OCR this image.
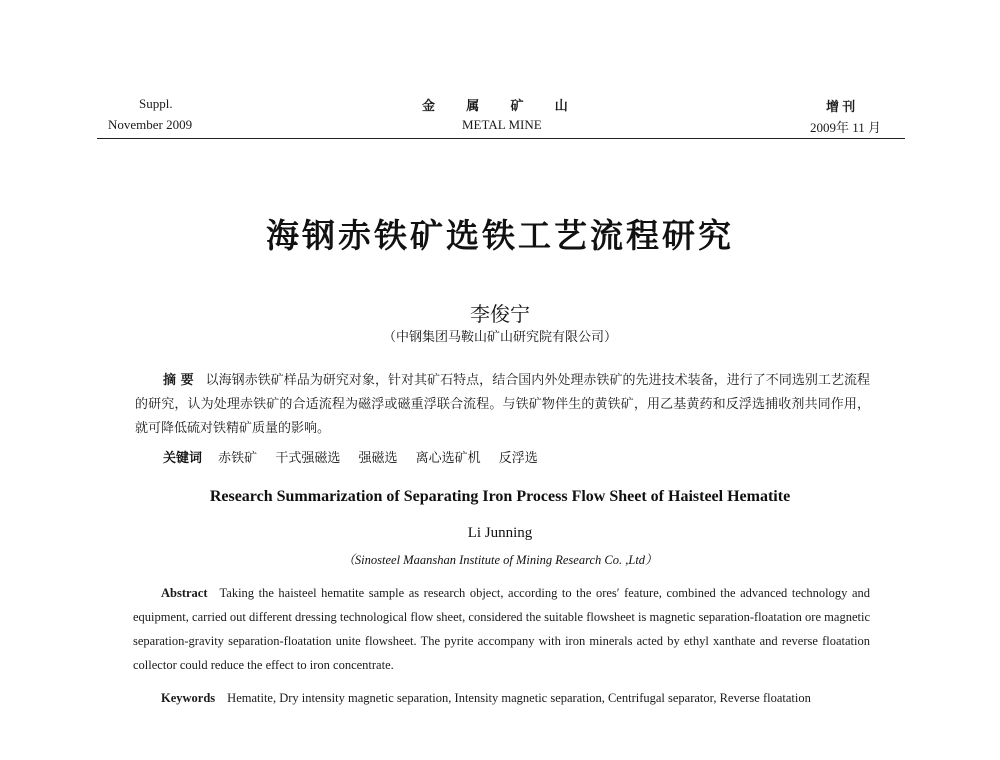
Suppl.
November 2009
金 属 矿 山
METAL MINE
增 刊
2009年 11 月
海钢赤铁矿选铁工艺流程研究
李俊宁
（中钢集团马鞍山矿山研究院有限公司）
摘 要 以海钢赤铁矿样品为研究对象，针对其矿石特点，结合国内外处理赤铁矿的先进技术装备，进行了不同选别工艺流程的研究，认为处理赤铁矿的合适流程为磁浮或磁重浮联合流程。与铁矿物伴生的黄铁矿，用乙基黄药和反浮选捕收剂共同作用，就可降低硫对铁精矿质量的影响。
关键词 赤铁矿 干式强磁选 强磁选 离心选矿机 反浮选
Research Summarization of Separating Iron Process Flow Sheet of Haisteel Hematite
Li Junning
（Sinosteel Maanshan Institute of Mining Research Co. ,Ltd）
Abstract Taking the haisteel hematite sample as research object, according to the ores′ feature, combined the advanced technology and equipment, carried out different dressing technological flow sheet, considered the suitable flowsheet is magnetic separation-floatation ore magnetic separation-gravity separation-floatation unite flowsheet. The pyrite accompany with iron minerals acted by ethyl xanthate and reverse floatation collector could reduce the effect to iron concentrate.
Keywords Hematite, Dry intensity magnetic separation, Intensity magnetic separation, Centrifugal separator, Reverse floatation
